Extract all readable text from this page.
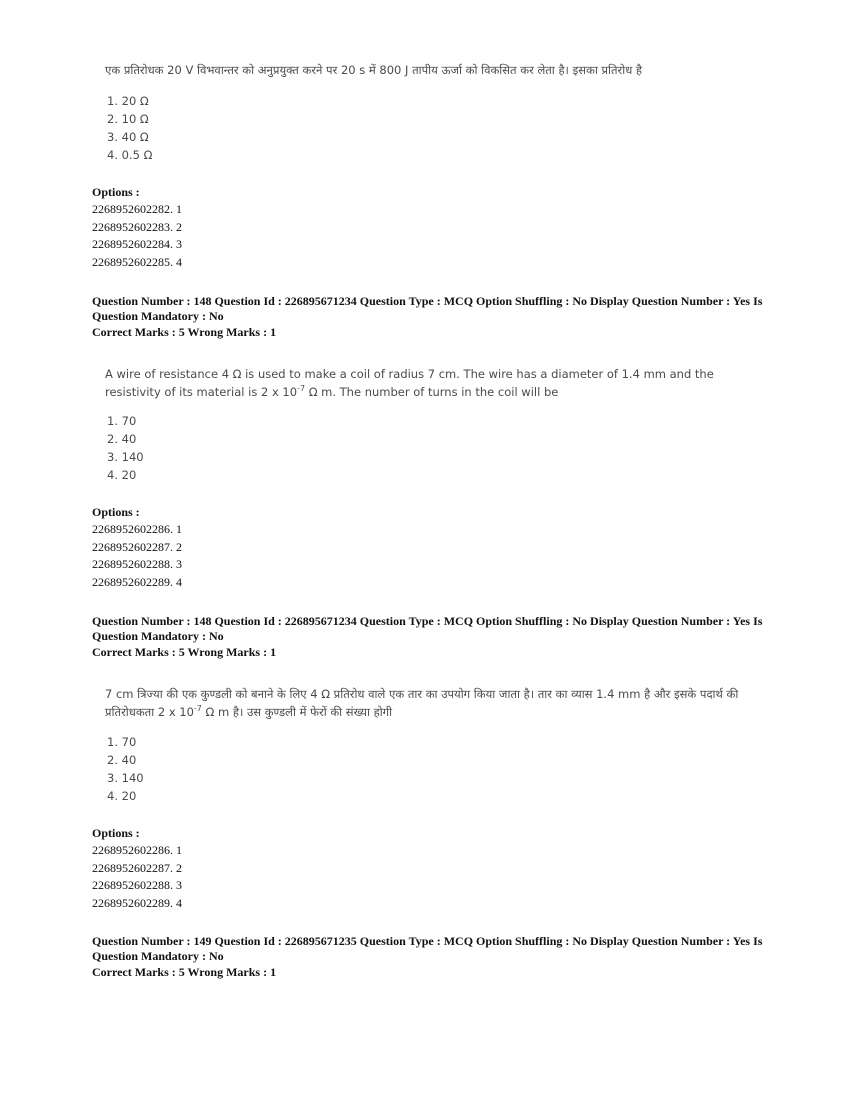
एक प्रतिरोधक 20 V विभवान्तर को अनुप्रयुक्त करने पर 20 s में 800 J तापीय ऊर्जा को विकसित कर लेता है। इसका प्रतिरोध है
1. 20 Ω
2. 10 Ω
3. 40 Ω
4. 0.5 Ω
Options :
2268952602282. 1
2268952602283. 2
2268952602284. 3
2268952602285. 4
Question Number : 148 Question Id : 226895671234 Question Type : MCQ Option Shuffling : No Display Question Number : Yes Is Question Mandatory : No
Correct Marks : 5 Wrong Marks : 1
A wire of resistance 4 Ω is used to make a coil of radius 7 cm. The wire has a diameter of 1.4 mm and the resistivity of its material is 2 x $10^{-7}$ Ω m. The number of turns in the coil will be
1. 70
2. 40
3. 140
4. 20
Options :
2268952602286. 1
2268952602287. 2
2268952602288. 3
2268952602289. 4
Question Number : 148 Question Id : 226895671234 Question Type : MCQ Option Shuffling : No Display Question Number : Yes Is Question Mandatory : No
Correct Marks : 5 Wrong Marks : 1
7 cm त्रिज्या की एक कुण्डली को बनाने के लिए 4 Ω प्रतिरोध वाले एक तार का उपयोग किया जाता है। तार का व्यास 1.4 mm है और इसके पदार्थ की प्रतिरोधकता 2 x $10^{-7}$ Ω m है। उस कुण्डली में फेरों की संख्या होगी
1. 70
2. 40
3. 140
4. 20
Options :
2268952602286. 1
2268952602287. 2
2268952602288. 3
2268952602289. 4
Question Number : 149 Question Id : 226895671235 Question Type : MCQ Option Shuffling : No Display Question Number : Yes Is Question Mandatory : No
Correct Marks : 5 Wrong Marks : 1
